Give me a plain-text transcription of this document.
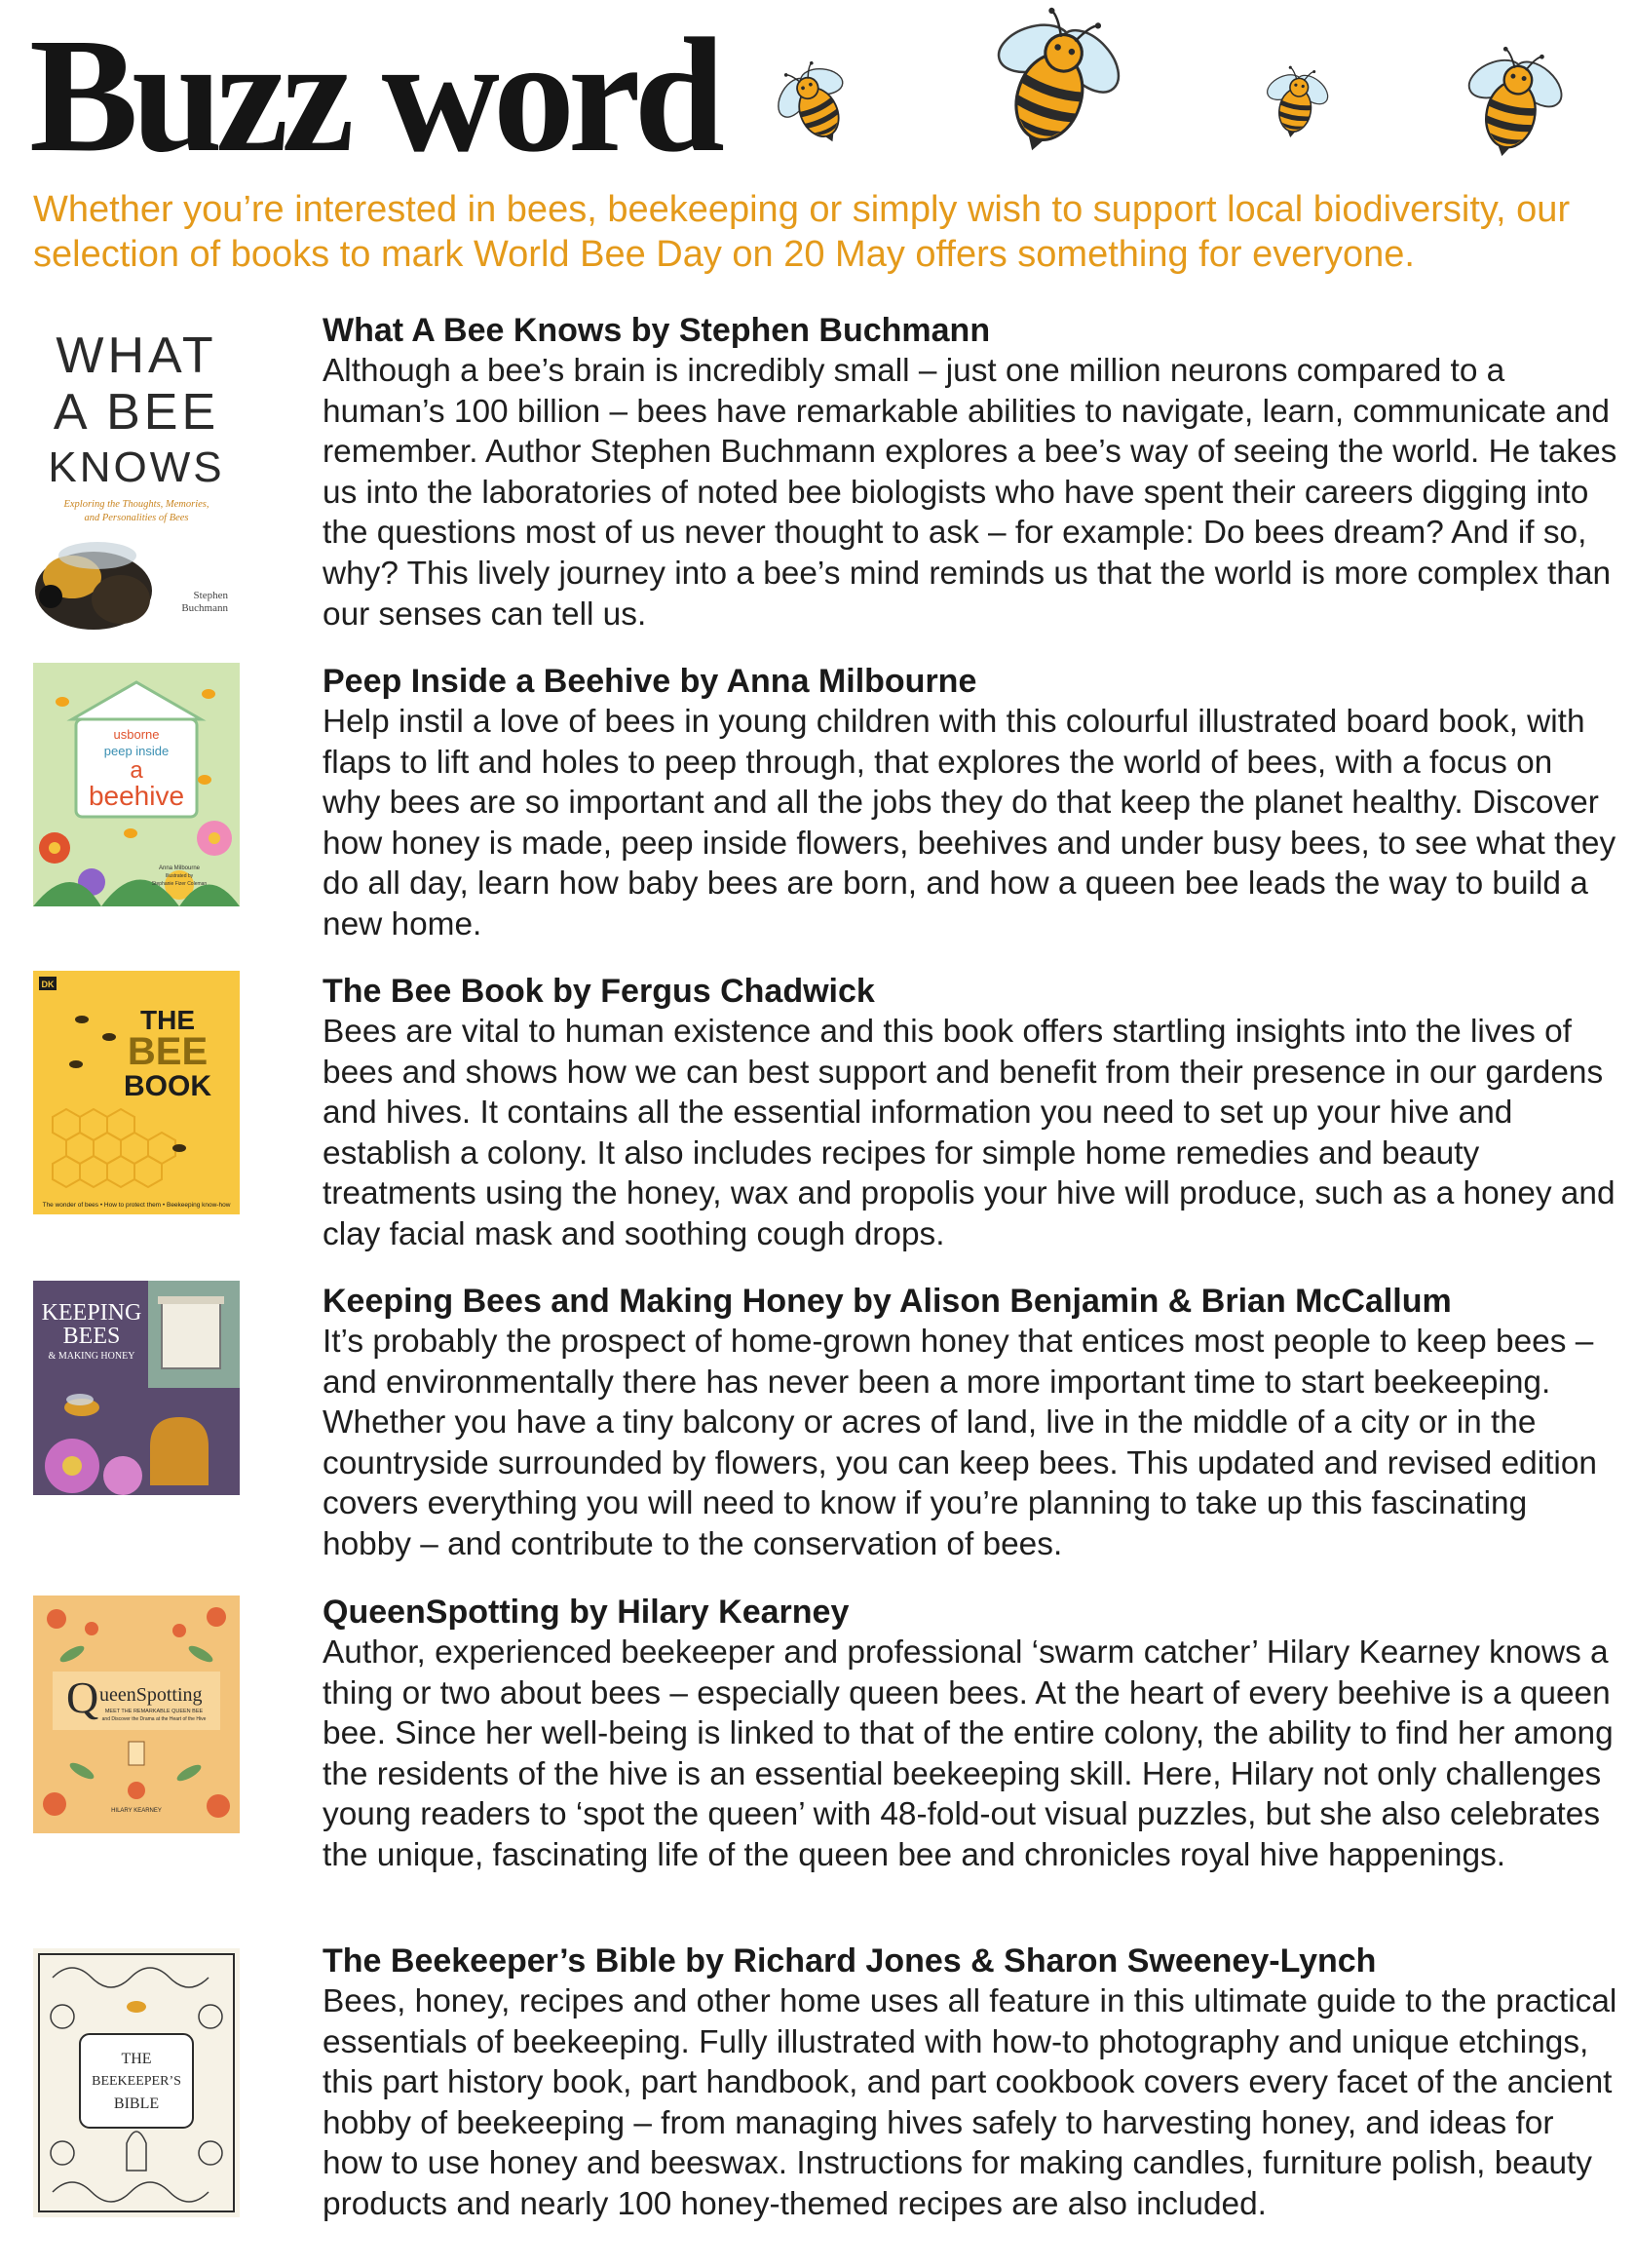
Buzz word

Whether you’re interested in bees, beekeeping or simply wish to support local biodiversity, our selection of books to mark World Bee Day on 20 May offers something for everyone.

WHAT
A BEE
KNOWS
Exploring the Thoughts, Memories,
and Personalities of Bees
Stephen
Buchmann

What A Bee Knows by Stephen Buchmann

Although a bee’s brain is incredibly small – just one million neurons compared to a human’s 100 billion – bees have remarkable abilities to navigate, learn, communicate and remember. Author Stephen Buchmann explores a bee’s way of seeing the world. He takes us into the laboratories of noted bee biologists who have spent their careers digging into the questions most of us never thought to ask – for example: Do bees dream? And if so, why? This lively journey into a bee’s mind reminds us that the world is more complex than our senses can tell us.

usborne
peep inside
a
beehive
Anna Milbourne
Illustrated by
Stephanie Fizer Coleman

Peep Inside a Beehive by Anna Milbourne

Help instil a love of bees in young children with this colourful illustrated board book, with flaps to lift and holes to peep through, that explores the world of bees, with a focus on why bees are so important and all the jobs they do that keep the planet healthy. Discover how honey is made, peep inside flowers, beehives and under busy bees, to see what they do all day, learn how baby bees are born, and how a queen bee leads the way to build a new home.

DK
THE
BEE
BOOK
The wonder of bees • How to protect them • Beekeeping know-how

The Bee Book by Fergus Chadwick

Bees are vital to human existence and this book offers startling insights into the lives of bees and shows how we can best support and benefit from their presence in our gardens and hives. It contains all the essential information you need to set up your hive and establish a colony. It also includes recipes for simple home remedies and beauty treatments using the honey, wax and propolis your hive will produce, such as a honey and clay facial mask and soothing cough drops.

KEEPING
BEES
& MAKING HONEY

Keeping Bees and Making Honey by Alison Benjamin & Brian McCallum

It’s probably the prospect of home-grown honey that entices most people to keep bees – and environmentally there has never been a more important time to start beekeeping. Whether you have a tiny balcony or acres of land, live in the middle of a city or in the countryside surrounded by flowers, you can keep bees. This updated and revised edition covers everything you will need to know if you’re planning to take up this fascinating hobby – and contribute to the conservation of bees.

Q ueenSpotting
MEET THE REMARKABLE QUEEN BEE
and Discover the Drama at the Heart of the Hive
HILARY KEARNEY

QueenSpotting by Hilary Kearney

Author, experienced beekeeper and professional ‘swarm catcher’ Hilary Kearney knows a thing or two about bees – especially queen bees. At the heart of every beehive is a queen bee. Since her well-being is linked to that of the entire colony, the ability to find her among the residents of the hive is an essential beekeeping skill. Here, Hilary not only challenges young readers to ‘spot the queen’ with 48-fold-out visual puzzles, but she also celebrates the unique, fascinating life of the queen bee and chronicles royal hive happenings.

THE
BEEKEEPER’S
BIBLE

The Beekeeper’s Bible by Richard Jones & Sharon Sweeney-Lynch

Bees, honey, recipes and other home uses all feature in this ultimate guide to the practical essentials of beekeeping. Fully illustrated with how-to photography and unique etchings, this part history book, part handbook, and part cookbook covers every facet of the ancient hobby of beekeeping – from managing hives safely to harvesting honey, and ideas for how to use honey and beeswax. Instructions for making candles, furniture polish, beauty products and nearly 100 honey-themed recipes are also included.
